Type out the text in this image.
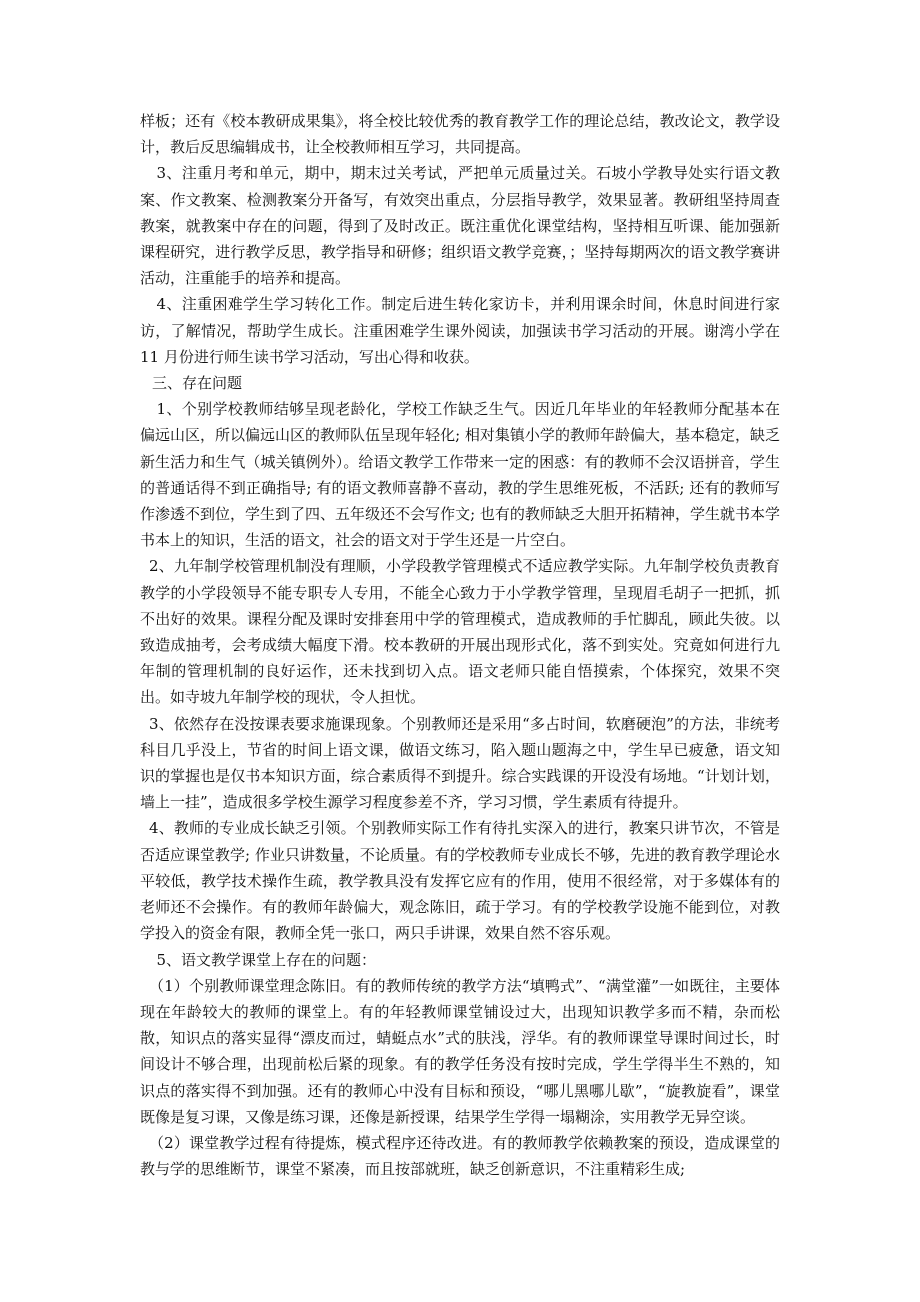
样板；还有《校本教研成果集》，将全校比较优秀的教育教学工作的理论总结，教改论文，教学设计，教后反思编辑成书，让全校教师相互学习，共同提高。

3、注重月考和单元，期中，期末过关考试，严把单元质量过关。石坡小学教导处实行语文教案、作文教案、检测教案分开备写，有效突出重点，分层指导教学，效果显著。教研组坚持周查教案，就教案中存在的问题，得到了及时改正。既注重优化课堂结构，坚持相互听课、能加强新课程研究，进行教学反思，教学指导和研修；组织语文教学竞赛，；坚持每期两次的语文教学赛讲活动，注重能手的培养和提高。

4、注重困难学生学习转化工作。制定后进生转化家访卡，并利用课余时间，休息时间进行家访，了解情况，帮助学生成长。注重困难学生课外阅读，加强读书学习活动的开展。谢湾小学在 11 月份进行师生读书学习活动，写出心得和收获。

三、存在问题

1、个别学校教师结够呈现老龄化，学校工作缺乏生气。因近几年毕业的年轻教师分配基本在偏远山区，所以偏远山区的教师队伍呈现年轻化; 相对集镇小学的教师年龄偏大，基本稳定，缺乏新生活力和生气（城关镇例外）。给语文教学工作带来一定的困惑：有的教师不会汉语拼音，学生的普通话得不到正确指导; 有的语文教师喜静不喜动，教的学生思维死板，不活跃; 还有的教师写作渗透不到位，学生到了四、五年级还不会写作文; 也有的教师缺乏大胆开拓精神，学生就书本学书本上的知识，生活的语文，社会的语文对于学生还是一片空白。

2、九年制学校管理机制没有理顺，小学段教学管理模式不适应教学实际。九年制学校负责教育教学的小学段领导不能专职专人专用，不能全心致力于小学教学管理，呈现眉毛胡子一把抓，抓不出好的效果。课程分配及课时安排套用中学的管理模式，造成教师的手忙脚乱，顾此失彼。以致造成抽考，会考成绩大幅度下滑。校本教研的开展出现形式化，落不到实处。究竟如何进行九年制的管理机制的良好运作，还未找到切入点。语文老师只能自悟摸索，个体探究，效果不突出。如寺坡九年制学校的现状，令人担忧。

3、依然存在没按课表要求施课现象。个别教师还是采用“多占时间，软磨硬泡”的方法，非统考科目几乎没上，节省的时间上语文课，做语文练习，陷入题山题海之中，学生早已疲惫，语文知识的掌握也是仅书本知识方面，综合素质得不到提升。综合实践课的开设没有场地。“计划计划，墙上一挂”，造成很多学校生源学习程度参差不齐，学习习惯，学生素质有待提升。

4、教师的专业成长缺乏引领。个别教师实际工作有待扎实深入的进行，教案只讲节次，不管是否适应课堂教学; 作业只讲数量，不论质量。有的学校教师专业成长不够，先进的教育教学理论水平较低，教学技术操作生疏，教学教具没有发挥它应有的作用，使用不很经常，对于多媒体有的老师还不会操作。有的教师年龄偏大，观念陈旧，疏于学习。有的学校教学设施不能到位，对教学投入的资金有限，教师全凭一张口，两只手讲课，效果自然不容乐观。

5、语文教学课堂上存在的问题：

（1）个别教师课堂理念陈旧。有的教师传统的教学方法“填鸭式”、“满堂灌”一如既往，主要体现在年龄较大的教师的课堂上。有的年轻教师课堂铺设过大，出现知识教学多而不精，杂而松散，知识点的落实显得“漂皮而过，蜻蜓点水”式的肤浅，浮华。有的教师课堂导课时间过长，时间设计不够合理，出现前松后紧的现象。有的教学任务没有按时完成，学生学得半生不熟的，知识点的落实得不到加强。还有的教师心中没有目标和预设，“哪儿黑哪儿歇”，“旋教旋看”，课堂既像是复习课，又像是练习课，还像是新授课，结果学生学得一塌糊涂，实用教学无异空谈。

（2）课堂教学过程有待提炼，模式程序还待改进。有的教师教学依赖教案的预设，造成课堂的教与学的思维断节，课堂不紧凑，而且按部就班，缺乏创新意识，不注重精彩生成;
